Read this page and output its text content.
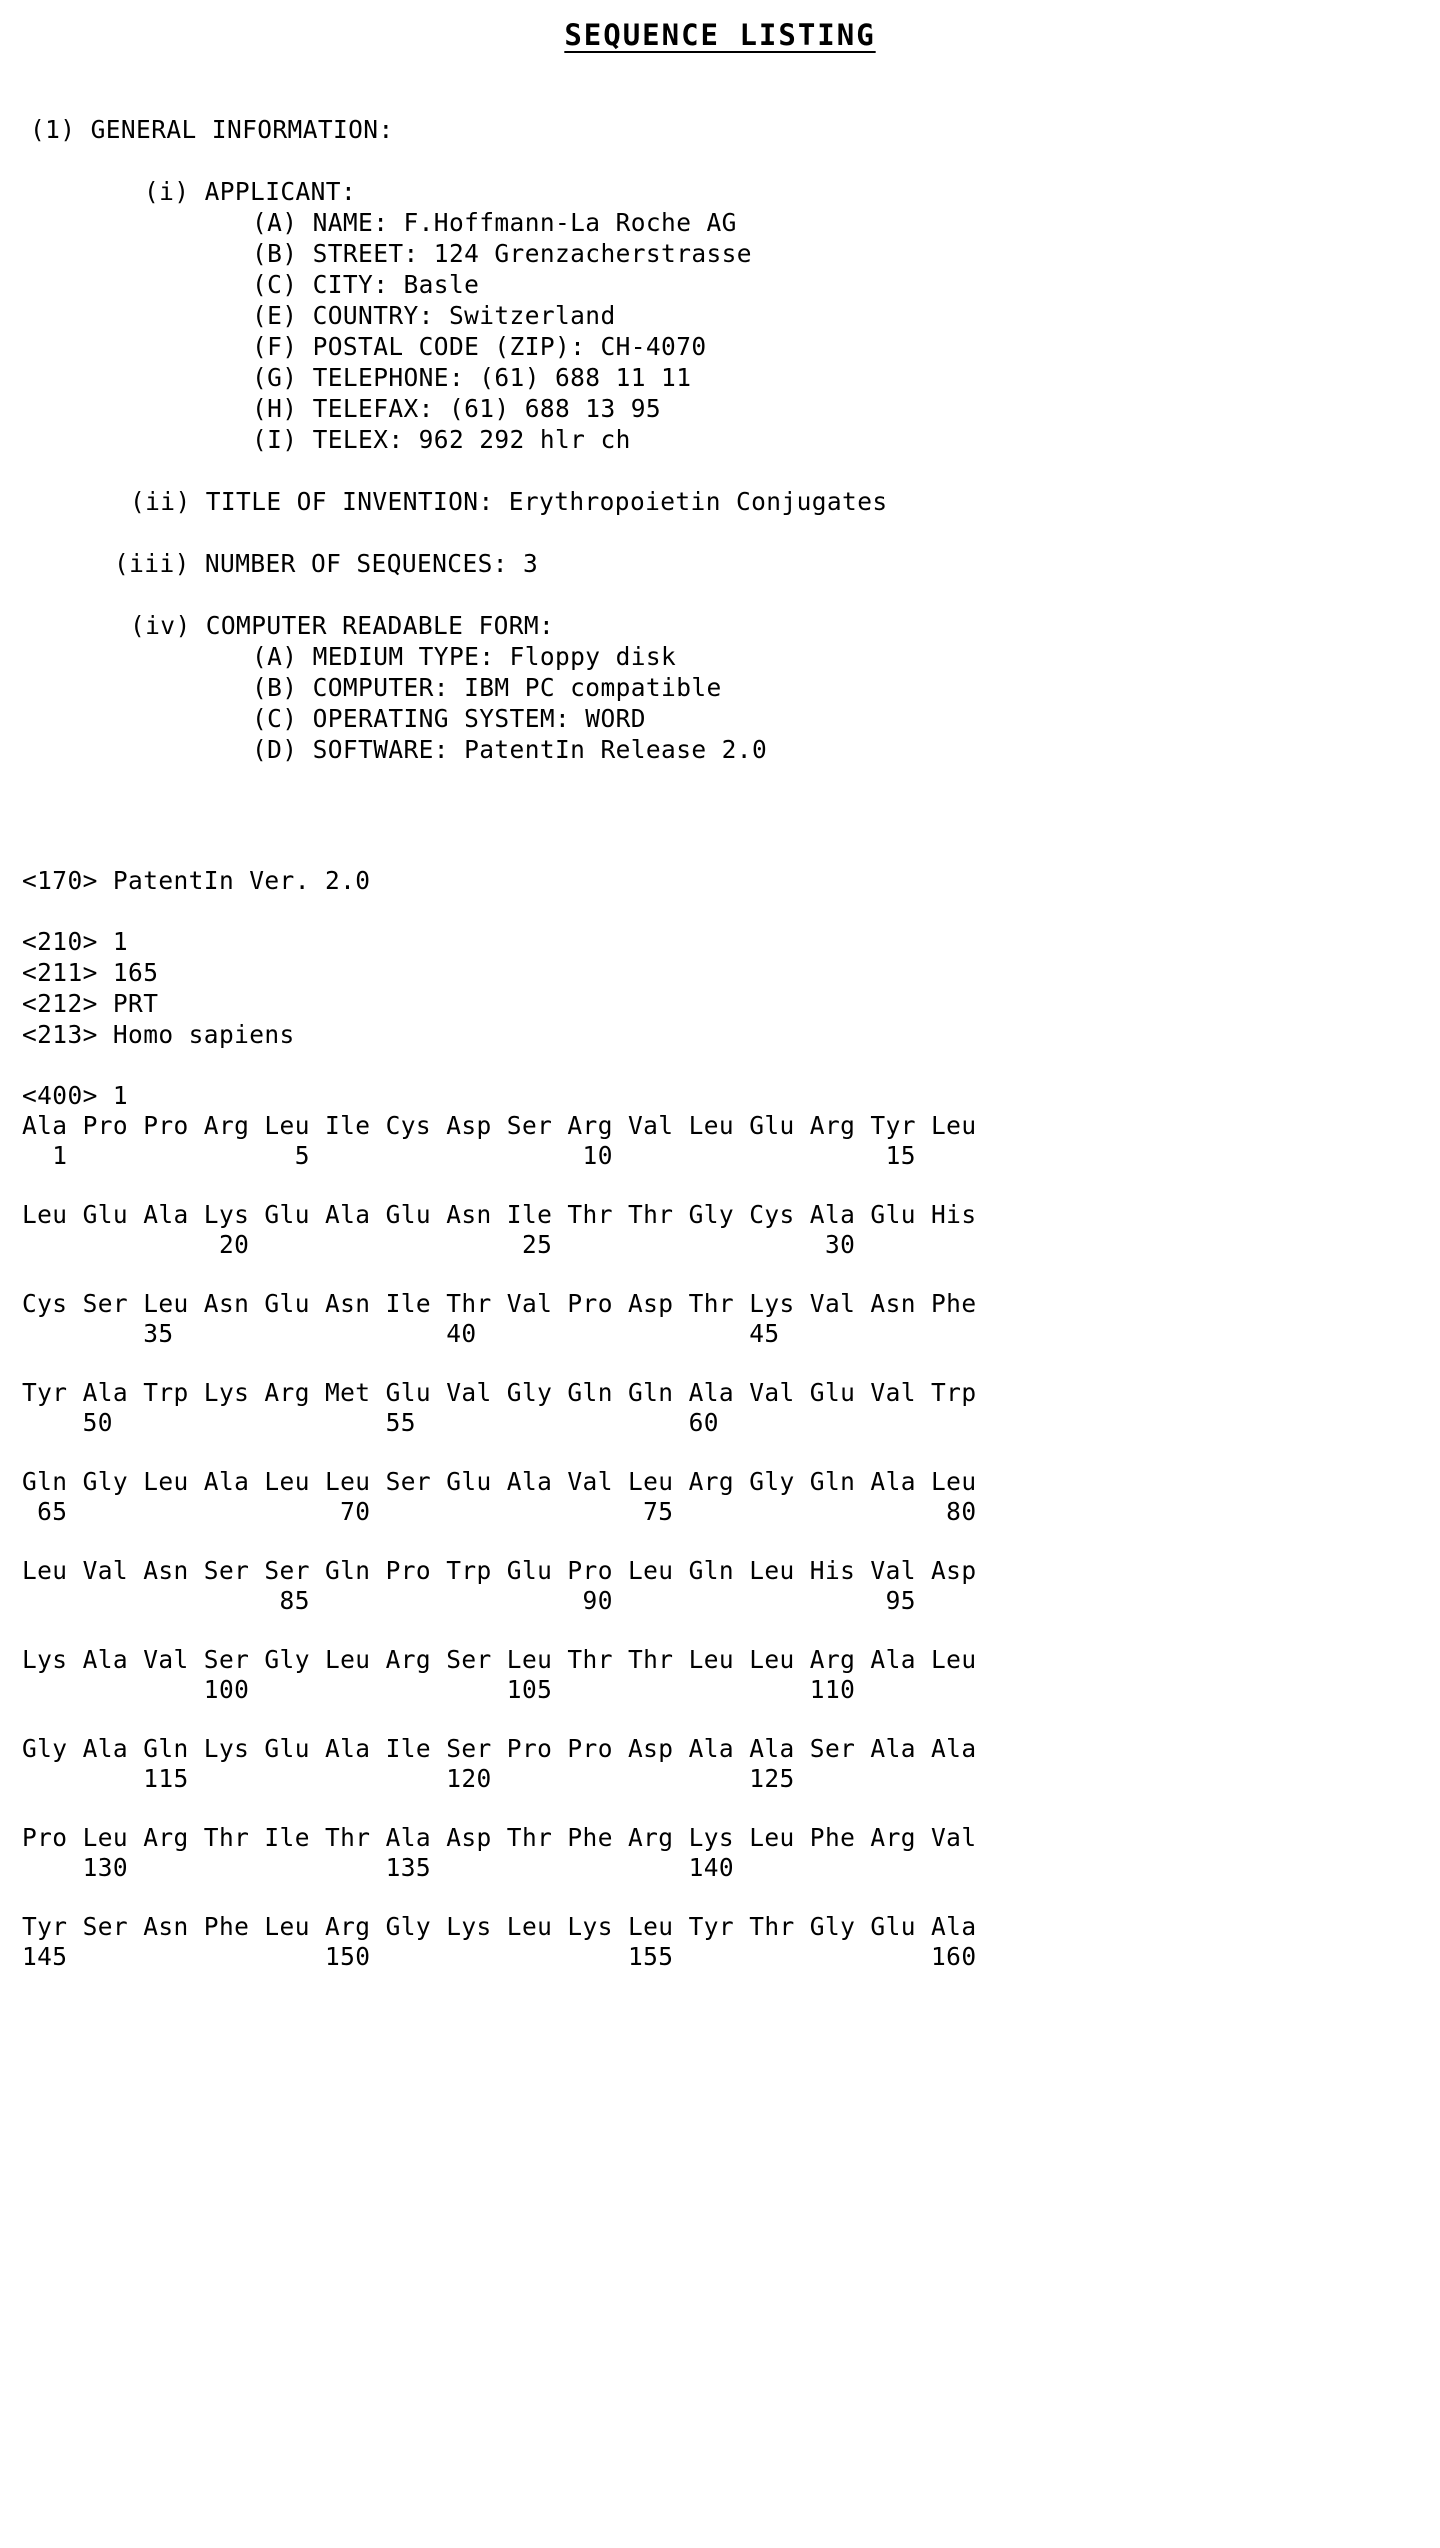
SEQUENCE LISTING
(1) GENERAL INFORMATION:
(i) APPLICANT:
(A) NAME: F.Hoffmann-La Roche AG
(B) STREET: 124 Grenzacherstrasse
(C) CITY: Basle
(E) COUNTRY: Switzerland
(F) POSTAL CODE (ZIP): CH-4070
(G) TELEPHONE: (61) 688 11 11
(H) TELEFAX: (61) 688 13 95
(I) TELEX: 962 292 hlr ch
(ii) TITLE OF INVENTION: Erythropoietin Conjugates
(iii) NUMBER OF SEQUENCES: 3
(iv) COMPUTER READABLE FORM:
(A) MEDIUM TYPE: Floppy disk
(B) COMPUTER: IBM PC compatible
(C) OPERATING SYSTEM: WORD
(D) SOFTWARE: PatentIn Release 2.0
<170> PatentIn Ver. 2.0
<210> 1
<211> 165
<212> PRT
<213> Homo sapiens
<400> 1
Ala Pro Pro Arg Leu Ile Cys Asp Ser Arg Val Leu Glu Arg Tyr Leu
1               5                  10                  15
Leu Glu Ala Lys Glu Ala Glu Asn Ile Thr Thr Gly Cys Ala Glu His
20                  25                  30
Cys Ser Leu Asn Glu Asn Ile Thr Val Pro Asp Thr Lys Val Asn Phe
35                  40                  45
Tyr Ala Trp Lys Arg Met Glu Val Gly Gln Gln Ala Val Glu Val Trp
50                  55                  60
Gln Gly Leu Ala Leu Leu Ser Glu Ala Val Leu Arg Gly Gln Ala Leu
65                  70                  75                  80
Leu Val Asn Ser Ser Gln Pro Trp Glu Pro Leu Gln Leu His Val Asp
85                  90                  95
Lys Ala Val Ser Gly Leu Arg Ser Leu Thr Thr Leu Leu Arg Ala Leu
100                 105                 110
Gly Ala Gln Lys Glu Ala Ile Ser Pro Pro Asp Ala Ala Ser Ala Ala
115                 120                 125
Pro Leu Arg Thr Ile Thr Ala Asp Thr Phe Arg Lys Leu Phe Arg Val
130                 135                 140
Tyr Ser Asn Phe Leu Arg Gly Lys Leu Lys Leu Tyr Thr Gly Glu Ala
145                 150                 155                 160
